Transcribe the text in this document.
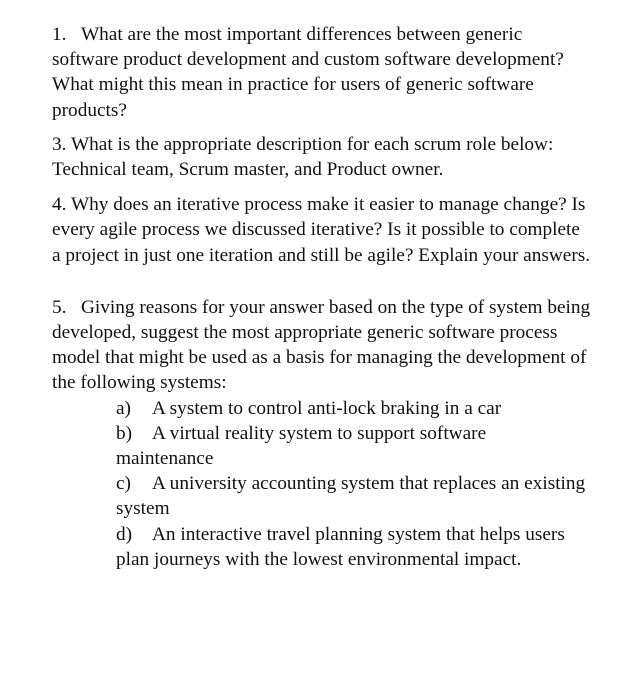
1. What are the most important differences between generic software product development and custom software development? What might this mean in practice for users of generic software products?

3. What is the appropriate description for each scrum role below: Technical team, Scrum master, and Product owner.

4. Why does an iterative process make it easier to manage change? Is every agile process we discussed iterative? Is it possible to complete a project in just one iteration and still be agile? Explain your answers.

5. Giving reasons for your answer based on the type of system being developed, suggest the most appropriate generic software process model that might be used as a basis for managing the development of the following systems:

a) A system to control anti-lock braking in a car

b) A virtual reality system to support software maintenance

c) A university accounting system that replaces an existing system

d) An interactive travel planning system that helps users plan journeys with the lowest environmental impact.
